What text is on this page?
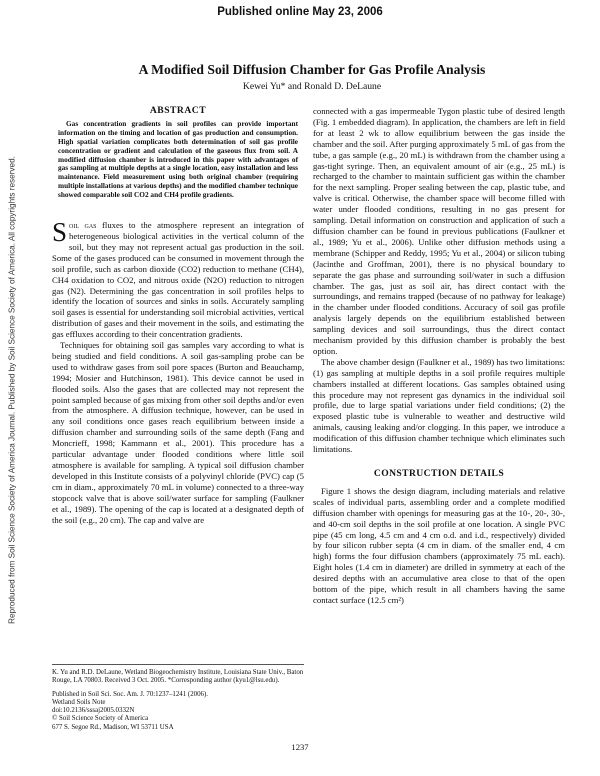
Published online May 23, 2006
Reproduced from Soil Science Society of America Journal. Published by Soil Science Society of America. All copyrights reserved.
A Modified Soil Diffusion Chamber for Gas Profile Analysis
Kewei Yu* and Ronald D. DeLaune
ABSTRACT

Gas concentration gradients in soil profiles can provide important information on the timing and location of gas production and consumption. High spatial variation complicates both determination of soil gas profile concentration or gradient and calculation of the gaseous flux from soil. A modified diffusion chamber is introduced in this paper with advantages of gas sampling at multiple depths at a single location, easy installation and less maintenance. Field measurement using both original chamber (requiring multiple installations at various depths) and the modified chamber technique showed comparable soil CO2 and CH4 profile gradients.

Soil gas fluxes to the atmosphere represent an integration of heterogeneous biological activities in the vertical column of the soil, but they may not represent actual gas production in the soil. Some of the gases produced can be consumed in movement through the soil profile, such as carbon dioxide (CO2) reduction to methane (CH4), CH4 oxidation to CO2, and nitrous oxide (N2O) reduction to nitrogen gas (N2). Determining the gas concentration in soil profiles helps to identify the location of sources and sinks in soils. Accurately sampling soil gases is essential for understanding soil microbial activities, vertical distribution of gases and their movement in the soils, and estimating the gas effluxes according to their concentration gradients.

Techniques for obtaining soil gas samples vary according to what is being studied and field conditions. A soil gas-sampling probe can be used to withdraw gases from soil pore spaces (Burton and Beauchamp, 1994; Mosier and Hutchinson, 1981). This device cannot be used in flooded soils. Also the gases that are collected may not represent the point sampled because of gas mixing from other soil depths and/or even from the atmosphere. A diffusion technique, however, can be used in any soil conditions once gases reach equilibrium between inside a diffusion chamber and surrounding soils of the same depth (Fang and Moncrieff, 1998; Kammann et al., 2001). This procedure has a particular advantage under flooded conditions where little soil atmosphere is available for sampling. A typical soil diffusion chamber developed in this Institute consists of a polyvinyl chloride (PVC) cap (5 cm in diam., approximately 70 mL in volume) connected to a three-way stopcock valve that is above soil/water surface for sampling (Faulkner et al., 1989). The opening of the cap is located at a designated depth of the soil (e.g., 20 cm). The cap and valve are

K. Yu and R.D. DeLaune, Wetland Biogeochemistry Institute, Louisiana State Univ., Baton Rouge, LA 70803. Received 3 Oct. 2005. *Corresponding author (kyu1@lsu.edu).

Published in Soil Sci. Soc. Am. J. 70:1237–1241 (2006).
Wetland Soils Note
doi:10.2136/sssaj2005.0332N
© Soil Science Society of America
677 S. Segoe Rd., Madison, WI 53711 USA

connected with a gas impermeable Tygon plastic tube of desired length (Fig. 1 embedded diagram). In application, the chambers are left in field for at least 2 wk to allow equilibrium between the gas inside the chamber and the soil. After purging approximately 5 mL of gas from the tube, a gas sample (e.g., 20 mL) is withdrawn from the chamber using a gas-tight syringe. Then, an equivalent amount of air (e.g., 25 mL) is recharged to the chamber to maintain sufficient gas within the chamber for the next sampling. Proper sealing between the cap, plastic tube, and valve is critical. Otherwise, the chamber space will become filled with water under flooded conditions, resulting in no gas present for sampling. Detail information on construction and application of such a diffusion chamber can be found in previous publications (Faulkner et al., 1989; Yu et al., 2006). Unlike other diffusion methods using a membrane (Schipper and Reddy, 1995; Yu et al., 2004) or silicon tubing (Jacinthe and Groffman, 2001), there is no physical boundary to separate the gas phase and surrounding soil/water in such a diffusion chamber. The gas, just as soil air, has direct contact with the surroundings, and remains trapped (because of no pathway for leakage) in the chamber under flooded conditions. Accuracy of soil gas profile analysis largely depends on the equilibrium established between sampling devices and soil surroundings, thus the direct contact mechanism provided by this diffusion chamber is probably the best option.

The above chamber design (Faulkner et al., 1989) has two limitations: (1) gas sampling at multiple depths in a soil profile requires multiple chambers installed at different locations. Gas samples obtained using this procedure may not represent gas dynamics in the individual soil profile, due to large spatial variations under field conditions; (2) the exposed plastic tube is vulnerable to weather and destructive wild animals, causing leaking and/or clogging. In this paper, we introduce a modification of this diffusion chamber technique which eliminates such limitations.

CONSTRUCTION DETAILS

Figure 1 shows the design diagram, including materials and relative scales of individual parts, assembling order and a complete modified diffusion chamber with openings for measuring gas at the 10-, 20-, 30-, and 40-cm soil depths in the soil profile at one location. A single PVC pipe (45 cm long, 4.5 cm and 4 cm o.d. and i.d., respectively) divided by four silicon rubber septa (4 cm in diam. of the smaller end, 4 cm high) forms the four diffusion chambers (approximately 75 mL each). Eight holes (1.4 cm in diameter) are drilled in symmetry at each of the desired depths with an accumulative area close to that of the open bottom of the pipe, which result in all chambers having the same contact surface (12.5 cm²)

1237
